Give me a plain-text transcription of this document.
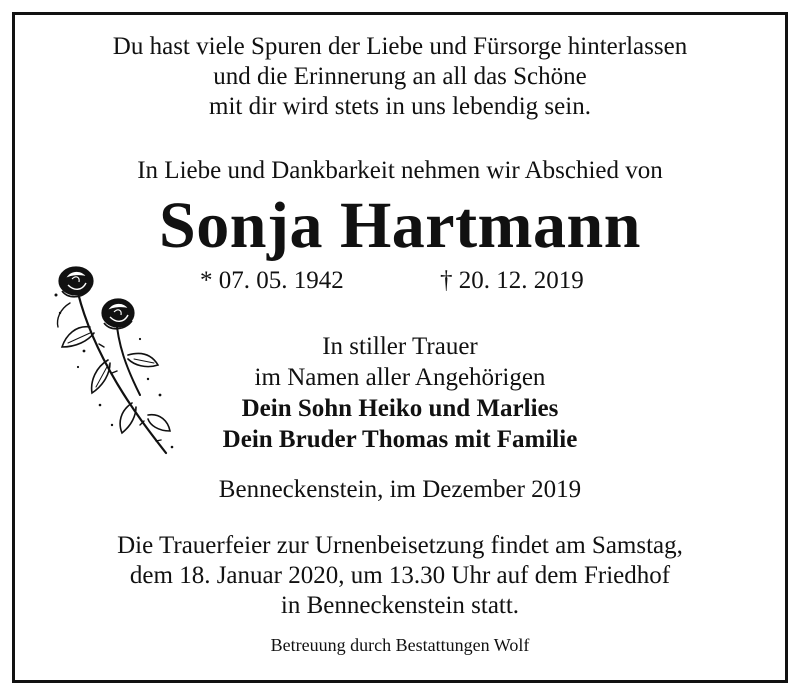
Du hast viele Spuren der Liebe und Fürsorge hinterlassen
und die Erinnerung an all das Schöne
mit dir wird stets in uns lebendig sein.
In Liebe und Dankbarkeit nehmen wir Abschied von
Sonja Hartmann
* 07. 05. 1942	† 20. 12. 2019
In stiller Trauer
im Namen aller Angehörigen
Dein Sohn Heiko und Marlies
Dein Bruder Thomas mit Familie
Benneckenstein, im Dezember 2019
Die Trauerfeier zur Urnenbeisetzung findet am Samstag,
dem 18. Januar 2020, um 13.30 Uhr auf dem Friedhof
in Benneckenstein statt.
Betreuung durch Bestattungen Wolf
